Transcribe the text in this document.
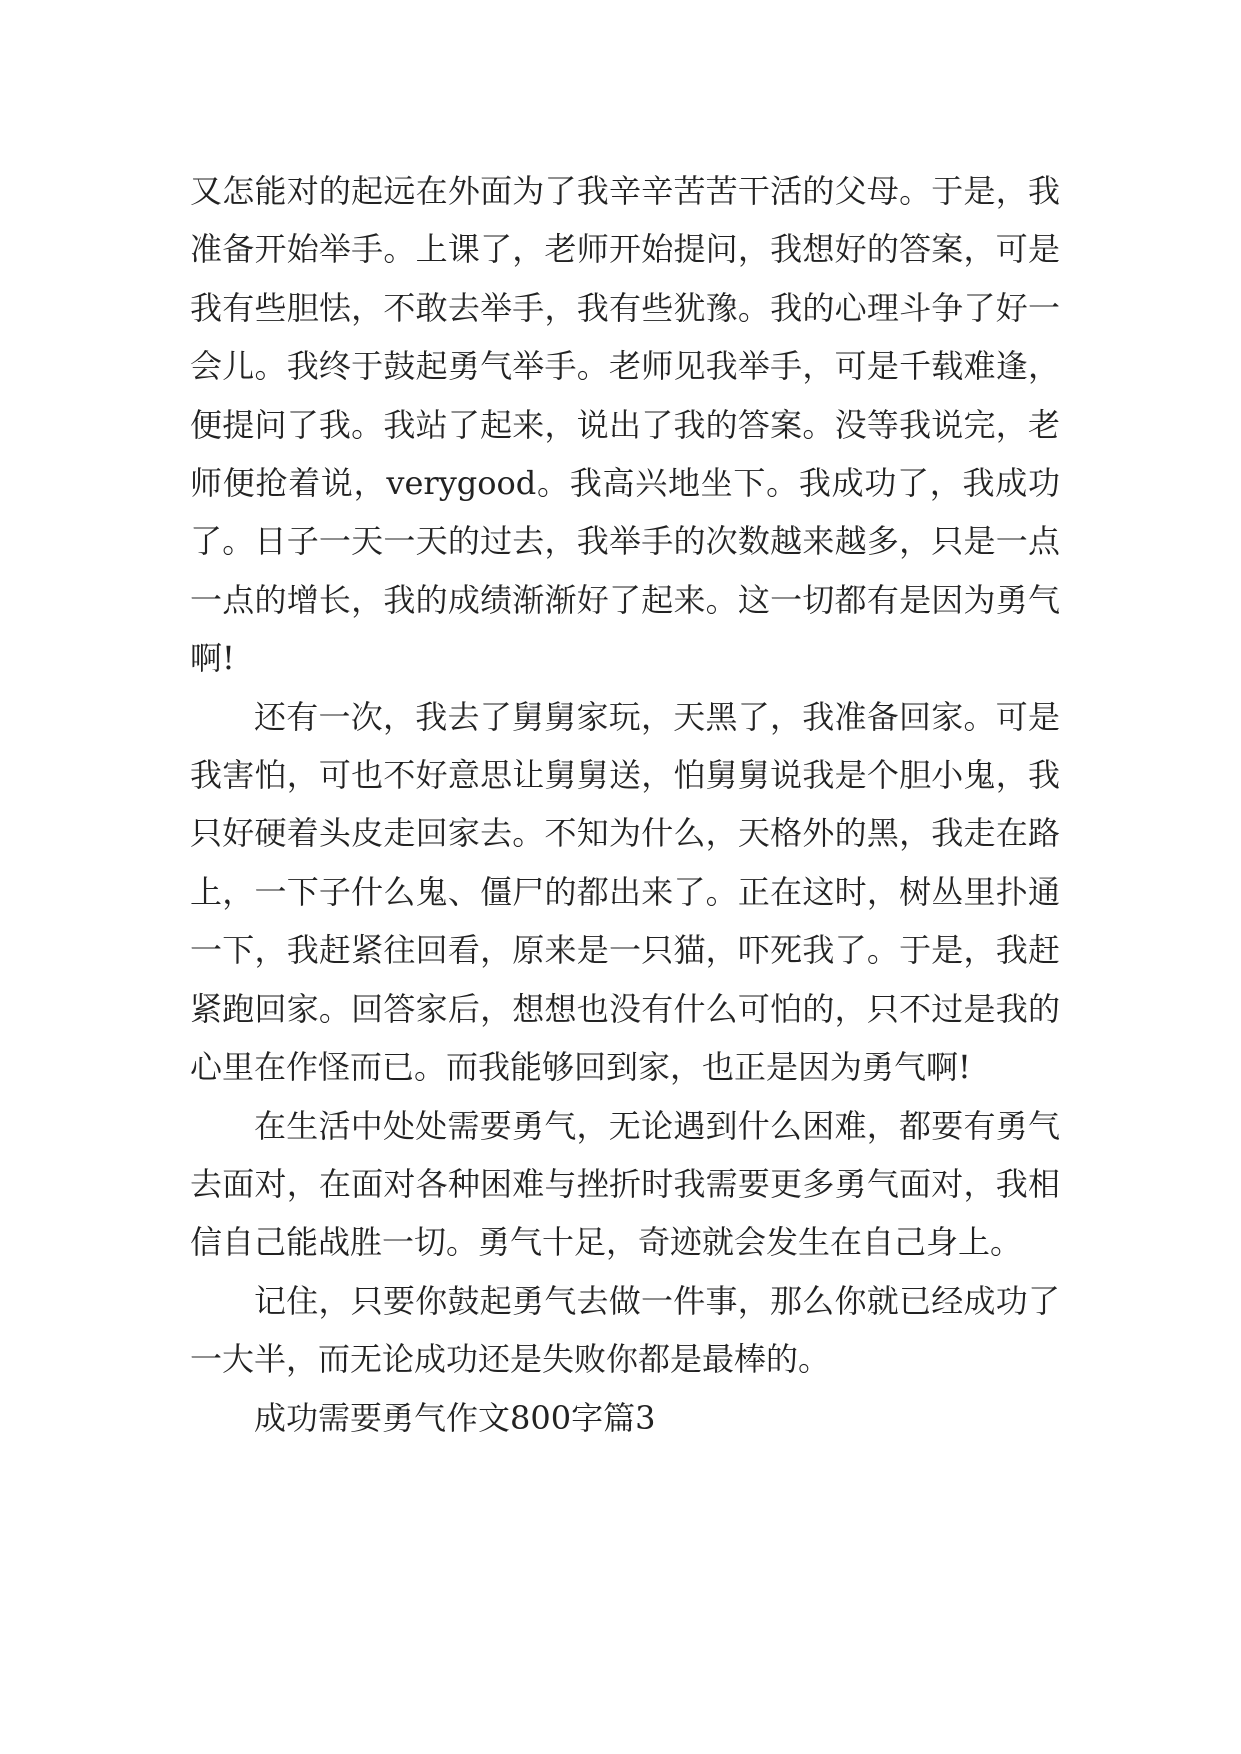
又怎能对的起远在外面为了我辛辛苦苦干活的父母。于是，我准备开始举手。上课了，老师开始提问，我想好的答案，可是我有些胆怯，不敢去举手，我有些犹豫。我的心理斗争了好一会儿。我终于鼓起勇气举手。老师见我举手，可是千载难逢，便提问了我。我站了起来，说出了我的答案。没等我说完，老师便抢着说，verygood。我高兴地坐下。我成功了，我成功了。日子一天一天的过去，我举手的次数越来越多，只是一点一点的增长，我的成绩渐渐好了起来。这一切都有是因为勇气啊!

还有一次，我去了舅舅家玩，天黑了，我准备回家。可是我害怕，可也不好意思让舅舅送，怕舅舅说我是个胆小鬼，我只好硬着头皮走回家去。不知为什么，天格外的黑，我走在路上，一下子什么鬼、僵尸的都出来了。正在这时，树丛里扑通一下，我赶紧往回看，原来是一只猫，吓死我了。于是，我赶紧跑回家。回答家后，想想也没有什么可怕的，只不过是我的心里在作怪而已。而我能够回到家，也正是因为勇气啊!

在生活中处处需要勇气，无论遇到什么困难，都要有勇气去面对，在面对各种困难与挫折时我需要更多勇气面对，我相信自己能战胜一切。勇气十足，奇迹就会发生在自己身上。

记住，只要你鼓起勇气去做一件事，那么你就已经成功了一大半，而无论成功还是失败你都是最棒的。

成功需要勇气作文800字篇3
